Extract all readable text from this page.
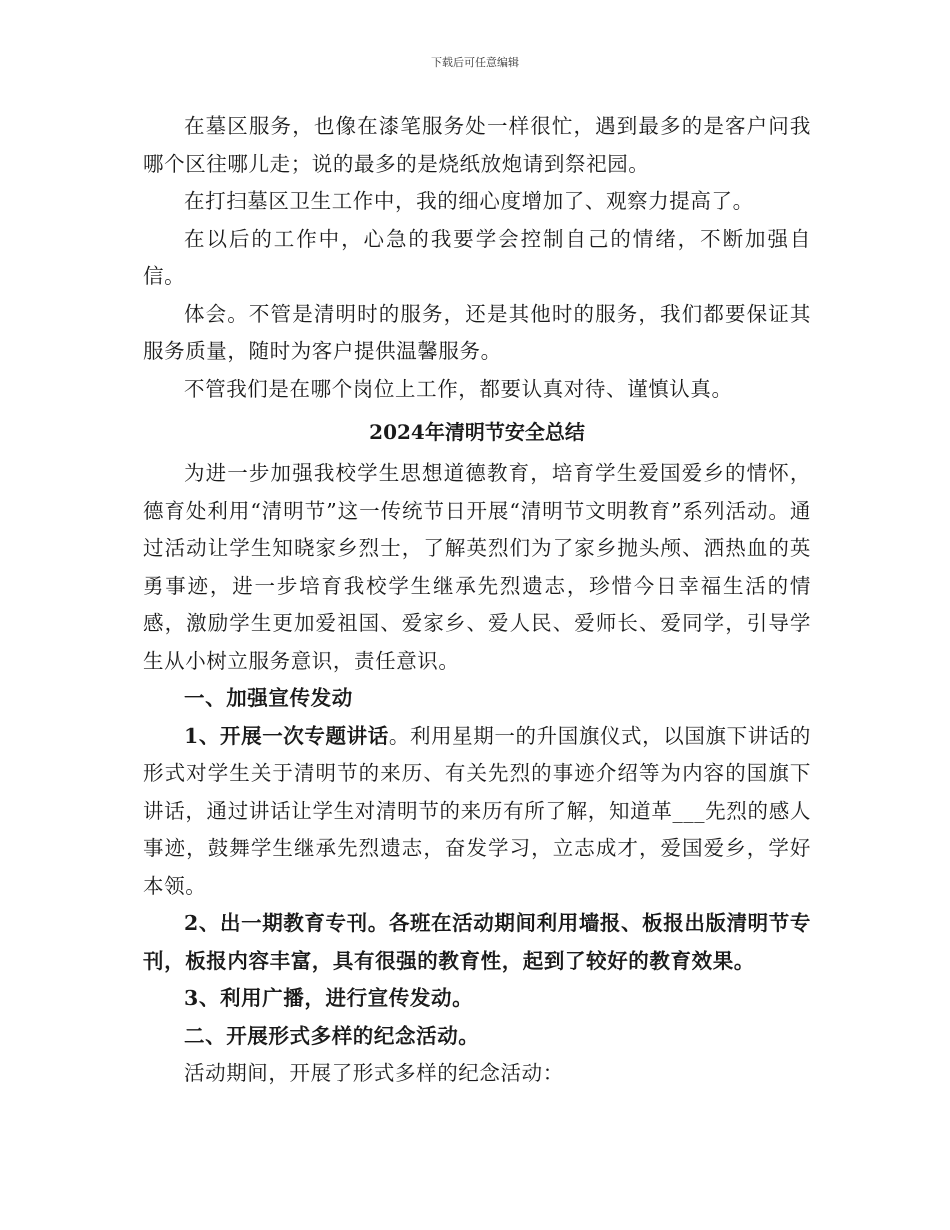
下载后可任意编辑

在墓区服务，也像在漆笔服务处一样很忙，遇到最多的是客户问我哪个区往哪儿走；说的最多的是烧纸放炮请到祭祀园。

在打扫墓区卫生工作中，我的细心度增加了、观察力提高了。

在以后的工作中，心急的我要学会控制自己的情绪，不断加强自信。

体会。不管是清明时的服务，还是其他时的服务，我们都要保证其服务质量，随时为客户提供温馨服务。

不管我们是在哪个岗位上工作，都要认真对待、谨慎认真。

2024年清明节安全总结

为进一步加强我校学生思想道德教育，培育学生爱国爱乡的情怀，德育处利用“清明节”这一传统节日开展“清明节文明教育”系列活动。通过活动让学生知晓家乡烈士，了解英烈们为了家乡抛头颅、洒热血的英勇事迹，进一步培育我校学生继承先烈遗志，珍惜今日幸福生活的情感，激励学生更加爱祖国、爱家乡、爱人民、爱师长、爱同学，引导学生从小树立服务意识，责任意识。

一、加强宣传发动

1、开展一次专题讲话。利用星期一的升国旗仪式，以国旗下讲话的形式对学生关于清明节的来历、有关先烈的事迹介绍等为内容的国旗下讲话，通过讲话让学生对清明节的来历有所了解，知道革___先烈的感人事迹，鼓舞学生继承先烈遗志，奋发学习，立志成才，爱国爱乡，学好本领。

2、出一期教育专刊。各班在活动期间利用墙报、板报出版清明节专刊，板报内容丰富，具有很强的教育性，起到了较好的教育效果。

3、利用广播，进行宣传发动。

二、开展形式多样的纪念活动。

活动期间，开展了形式多样的纪念活动：
